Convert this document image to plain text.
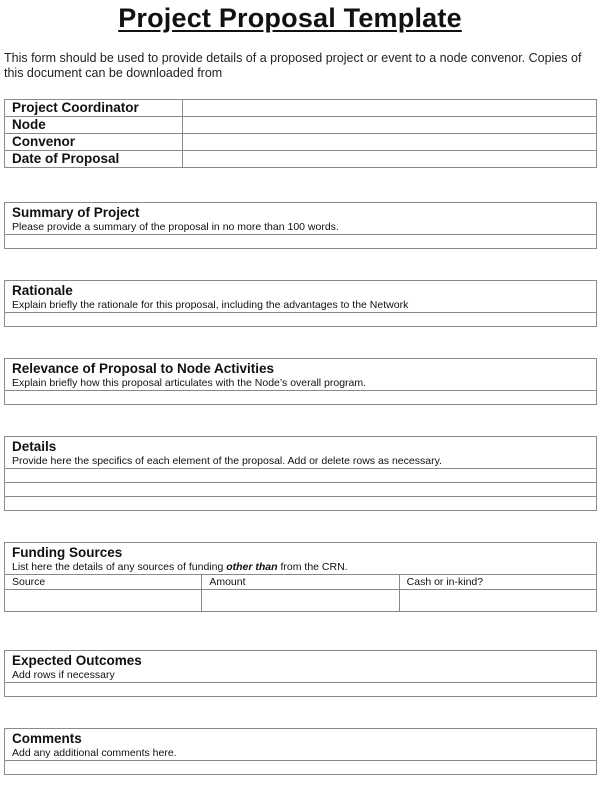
Project Proposal Template
This form should be used to provide details of a proposed project or event to a node convenor. Copies of this document can be downloaded from
Project Coordinator	
Node	
Convenor	
Date of Proposal	
Summary of Project
Please provide a summary of the proposal in no more than 100 words.

Rationale
Explain briefly the rationale for this proposal, including the advantages to the Network

Relevance of Proposal to Node Activities
Explain briefly how this proposal articulates with the Node’s overall program.

Details
Provide here the specifics of each element of the proposal. Add or delete rows as necessary.

Funding Sources
List here the details of any sources of funding other than from the CRN.		

Source	Amount	Cash or in-kind?

Expected Outcomes
Add rows if necessary

Comments
Add any additional comments here.
